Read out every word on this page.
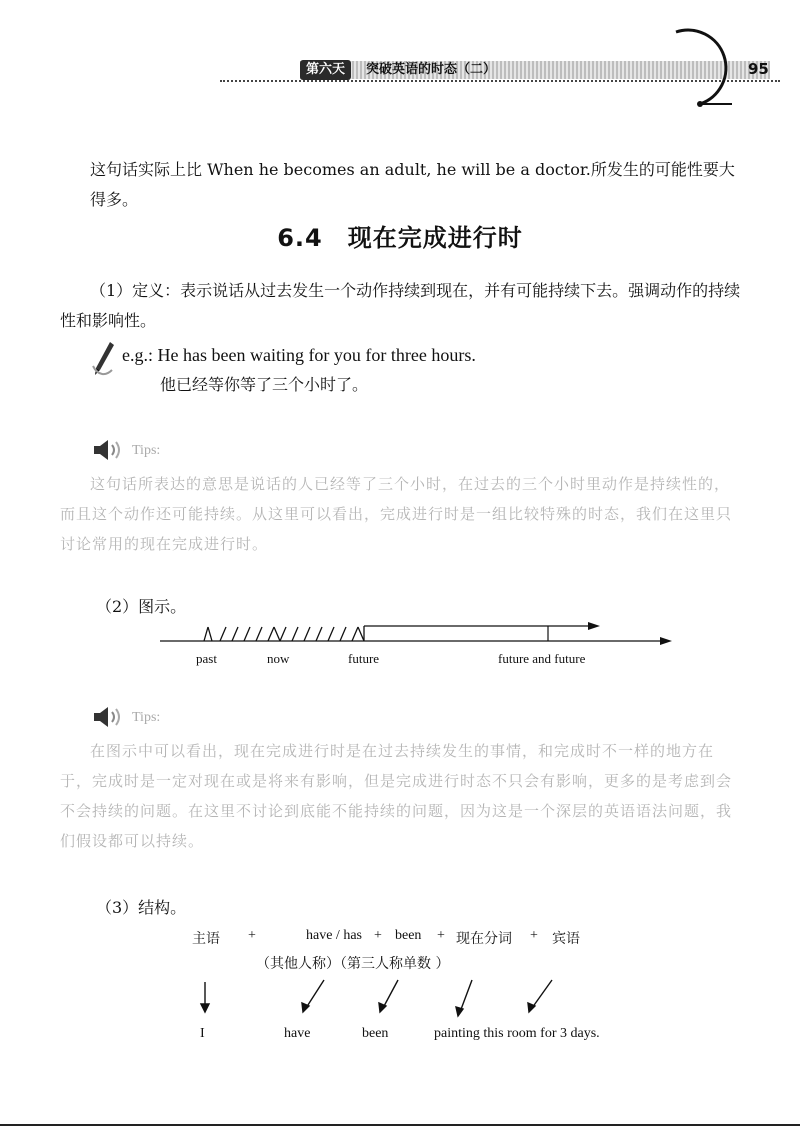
第六天	突破英语的时态（二）	95
这句话实际上比 When he becomes an adult, he will be a doctor.所发生的可能性要大得多。
6.4　现在完成进行时
（1）定义：表示说话从过去发生一个动作持续到现在，并有可能持续下去。强调动作的持续性和影响性。
e.g.: He has been waiting for you for three hours.
他已经等你等了三个小时了。
Tips:
这句话所表达的意思是说话的人已经等了三个小时，在过去的三个小时里动作是持续性的，而且这个动作还可能持续。从这里可以看出，完成进行时是一组比较特殊的时态，我们在这里只讨论常用的现在完成进行时。
（2）图示。
past	now	future	future and future
Tips:
在图示中可以看出，现在完成进行时是在过去持续发生的事情，和完成时不一样的地方在于，完成时是一定对现在或是将来有影响，但是完成进行时态不只会有影响，更多的是考虑到会不会持续的问题。在这里不讨论到底能不能持续的问题，因为这是一个深层的英语语法问题，我们假设都可以持续。
（3）结构。
主语 +	have / has + been + 现在分词 + 宾语
（其他人称）（第三人称单数 ）
I	have	been	painting this room for 3 days.
